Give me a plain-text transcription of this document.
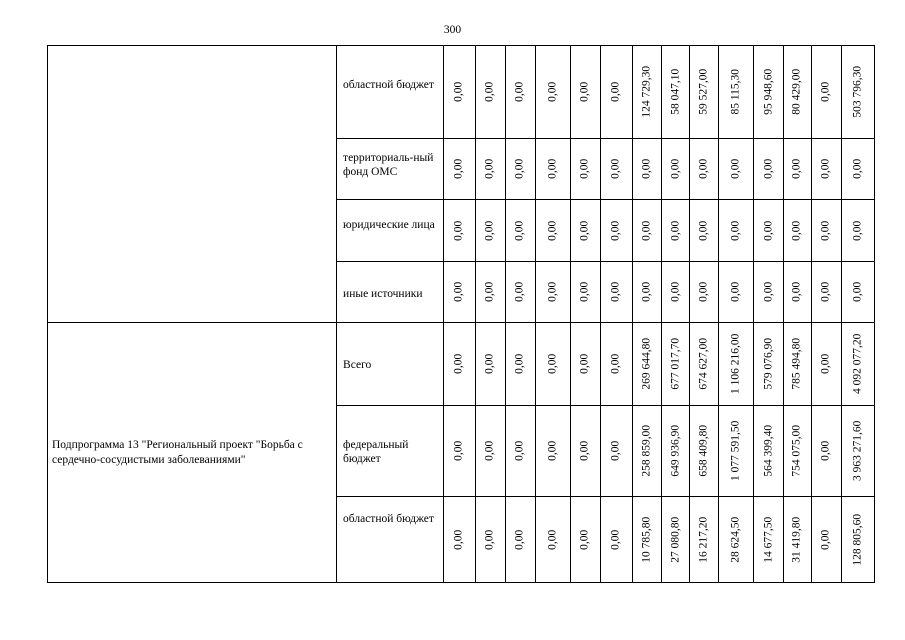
300

	областной бюджет	0,00	0,00	0,00	0,00	0,00	0,00	124 729,30	58 047,10	59 527,00	85 115,30	95 948,60	80 429,00	0,00	503 796,30

	территориаль-ный фонд ОМС	0,00	0,00	0,00	0,00	0,00	0,00	0,00	0,00	0,00	0,00	0,00	0,00	0,00	0,00

	юридические лица	0,00	0,00	0,00	0,00	0,00	0,00	0,00	0,00	0,00	0,00	0,00	0,00	0,00	0,00

	иные источники	0,00	0,00	0,00	0,00	0,00	0,00	0,00	0,00	0,00	0,00	0,00	0,00	0,00	0,00

Подпрограмма 13 "Региональный проект "Борьба с сердечно-сосудистыми заболеваниями"	Всего	0,00	0,00	0,00	0,00	0,00	0,00	269 644,80	677 017,70	674 627,00	1 106 216,00	579 076,90	785 494,80	0,00	4 092 077,20

	федеральный бюджет	0,00	0,00	0,00	0,00	0,00	0,00	258 859,00	649 936,90	658 409,80	1 077 591,50	564 399,40	754 075,00	0,00	3 963 271,60

	областной бюджет	0,00	0,00	0,00	0,00	0,00	0,00	10 785,80	27 080,80	16 217,20	28 624,50	14 677,50	31 419,80	0,00	128 805,60
